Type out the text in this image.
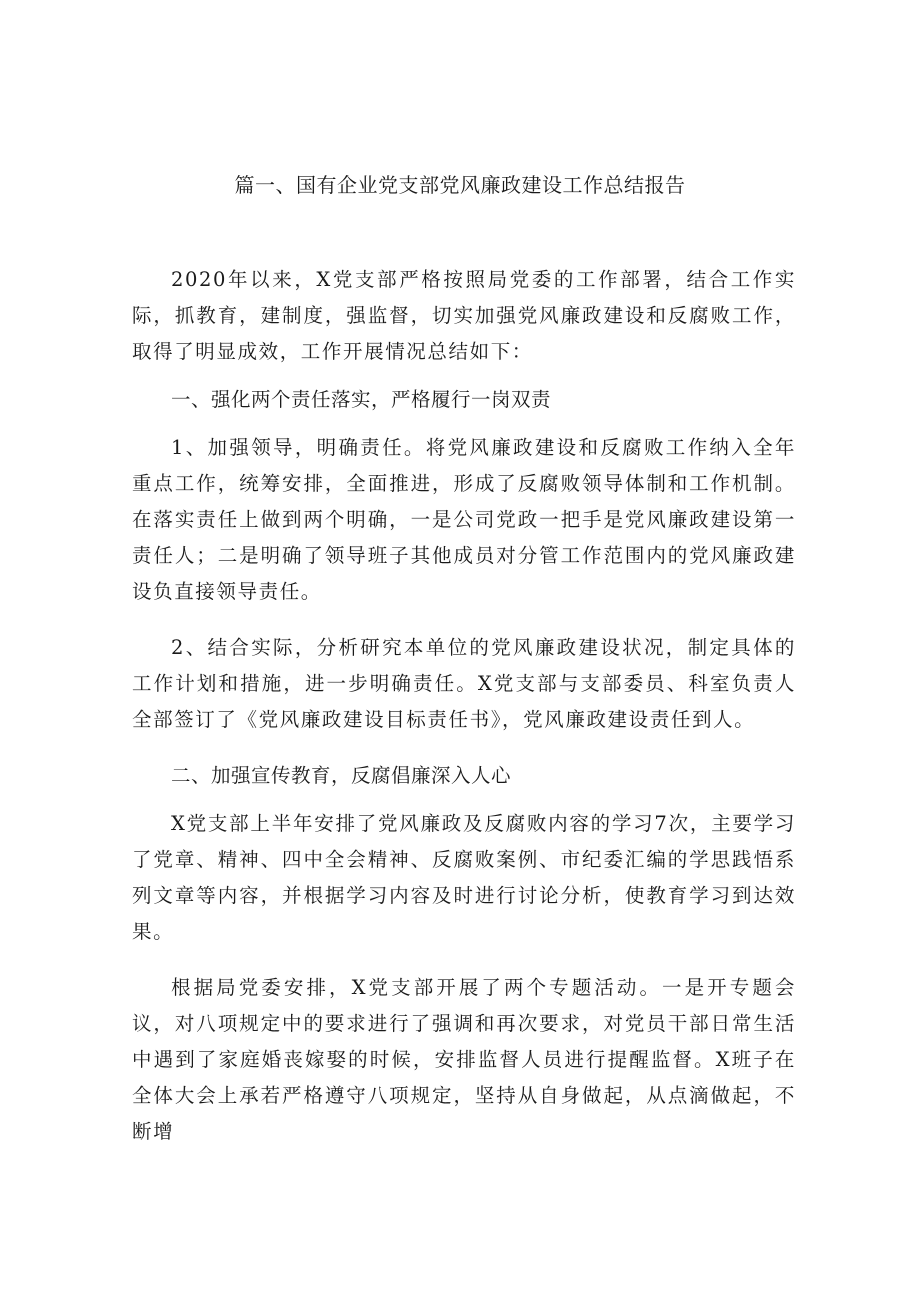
篇一、国有企业党支部党风廉政建设工作总结报告

2020年以来，X党支部严格按照局党委的工作部署，结合工作实际，抓教育，建制度，强监督，切实加强党风廉政建设和反腐败工作，取得了明显成效，工作开展情况总结如下：

一、强化两个责任落实，严格履行一岗双责

1、加强领导，明确责任。将党风廉政建设和反腐败工作纳入全年重点工作，统筹安排，全面推进，形成了反腐败领导体制和工作机制。在落实责任上做到两个明确，一是公司党政一把手是党风廉政建设第一责任人；二是明确了领导班子其他成员对分管工作范围内的党风廉政建设负直接领导责任。

2、结合实际，分析研究本单位的党风廉政建设状况，制定具体的工作计划和措施，进一步明确责任。X党支部与支部委员、科室负责人全部签订了《党风廉政建设目标责任书》，党风廉政建设责任到人。

二、加强宣传教育，反腐倡廉深入人心

X党支部上半年安排了党风廉政及反腐败内容的学习7次，主要学习了党章、精神、四中全会精神、反腐败案例、市纪委汇编的学思践悟系列文章等内容，并根据学习内容及时进行讨论分析，使教育学习到达效果。

根据局党委安排，X党支部开展了两个专题活动。一是开专题会议，对八项规定中的要求进行了强调和再次要求，对党员干部日常生活中遇到了家庭婚丧嫁娶的时候，安排监督人员进行提醒监督。X班子在全体大会上承若严格遵守八项规定，坚持从自身做起，从点滴做起，不断增
